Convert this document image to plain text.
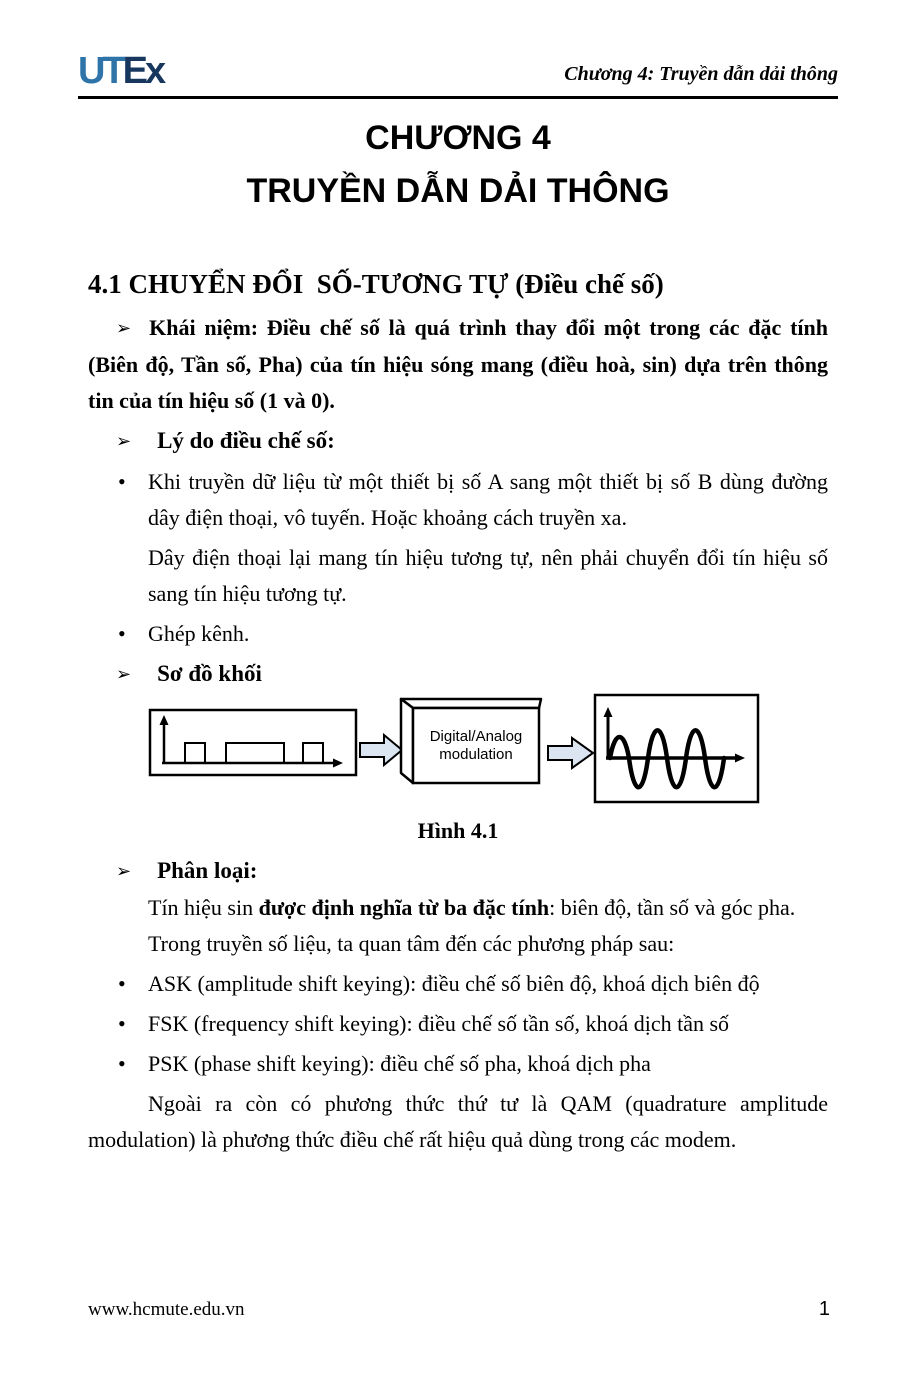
UTEx	Chương 4: Truyền dẫn dải thông
CHƯƠNG 4
TRUYỀN DẪN DẢI THÔNG
4.1 CHUYỂN ĐỔI  SỐ-TƯƠNG TỰ (Điều chế số)

➢ Khái niệm: Điều chế số là quá trình thay đổi một trong các đặc tính (Biên độ, Tần số, Pha) của tín hiệu sóng mang (điều hoà, sin) dựa trên thông tin của tín hiệu số (1 và 0).

➢ Lý do điều chế số:
• Khi truyền dữ liệu từ một thiết bị số A sang một thiết bị số B dùng đường dây điện thoại, vô tuyến. Hoặc khoảng cách truyền xa.

Dây điện thoại lại mang tín hiệu tương tự, nên phải chuyển đổi tín hiệu số sang tín hiệu tương tự.

• Ghép kênh.
➢ Sơ đồ khối
Digital/Analog
modulation
Hình 4.1
➢ Phân loại:

Tín hiệu sin được định nghĩa từ ba đặc tính: biên độ, tần số và góc pha.

Trong truyền số liệu, ta quan tâm đến các phương pháp sau:

• ASK (amplitude shift keying): điều chế số biên độ, khoá dịch biên độ
• FSK (frequency shift keying): điều chế số tần số, khoá dịch tần số
• PSK (phase shift keying): điều chế số pha, khoá dịch pha

Ngoài ra còn có phương thức thứ tư là QAM (quadrature amplitude modulation) là phương thức điều chế rất hiệu quả dùng trong các modem.

www.hcmute.edu.vn	1
